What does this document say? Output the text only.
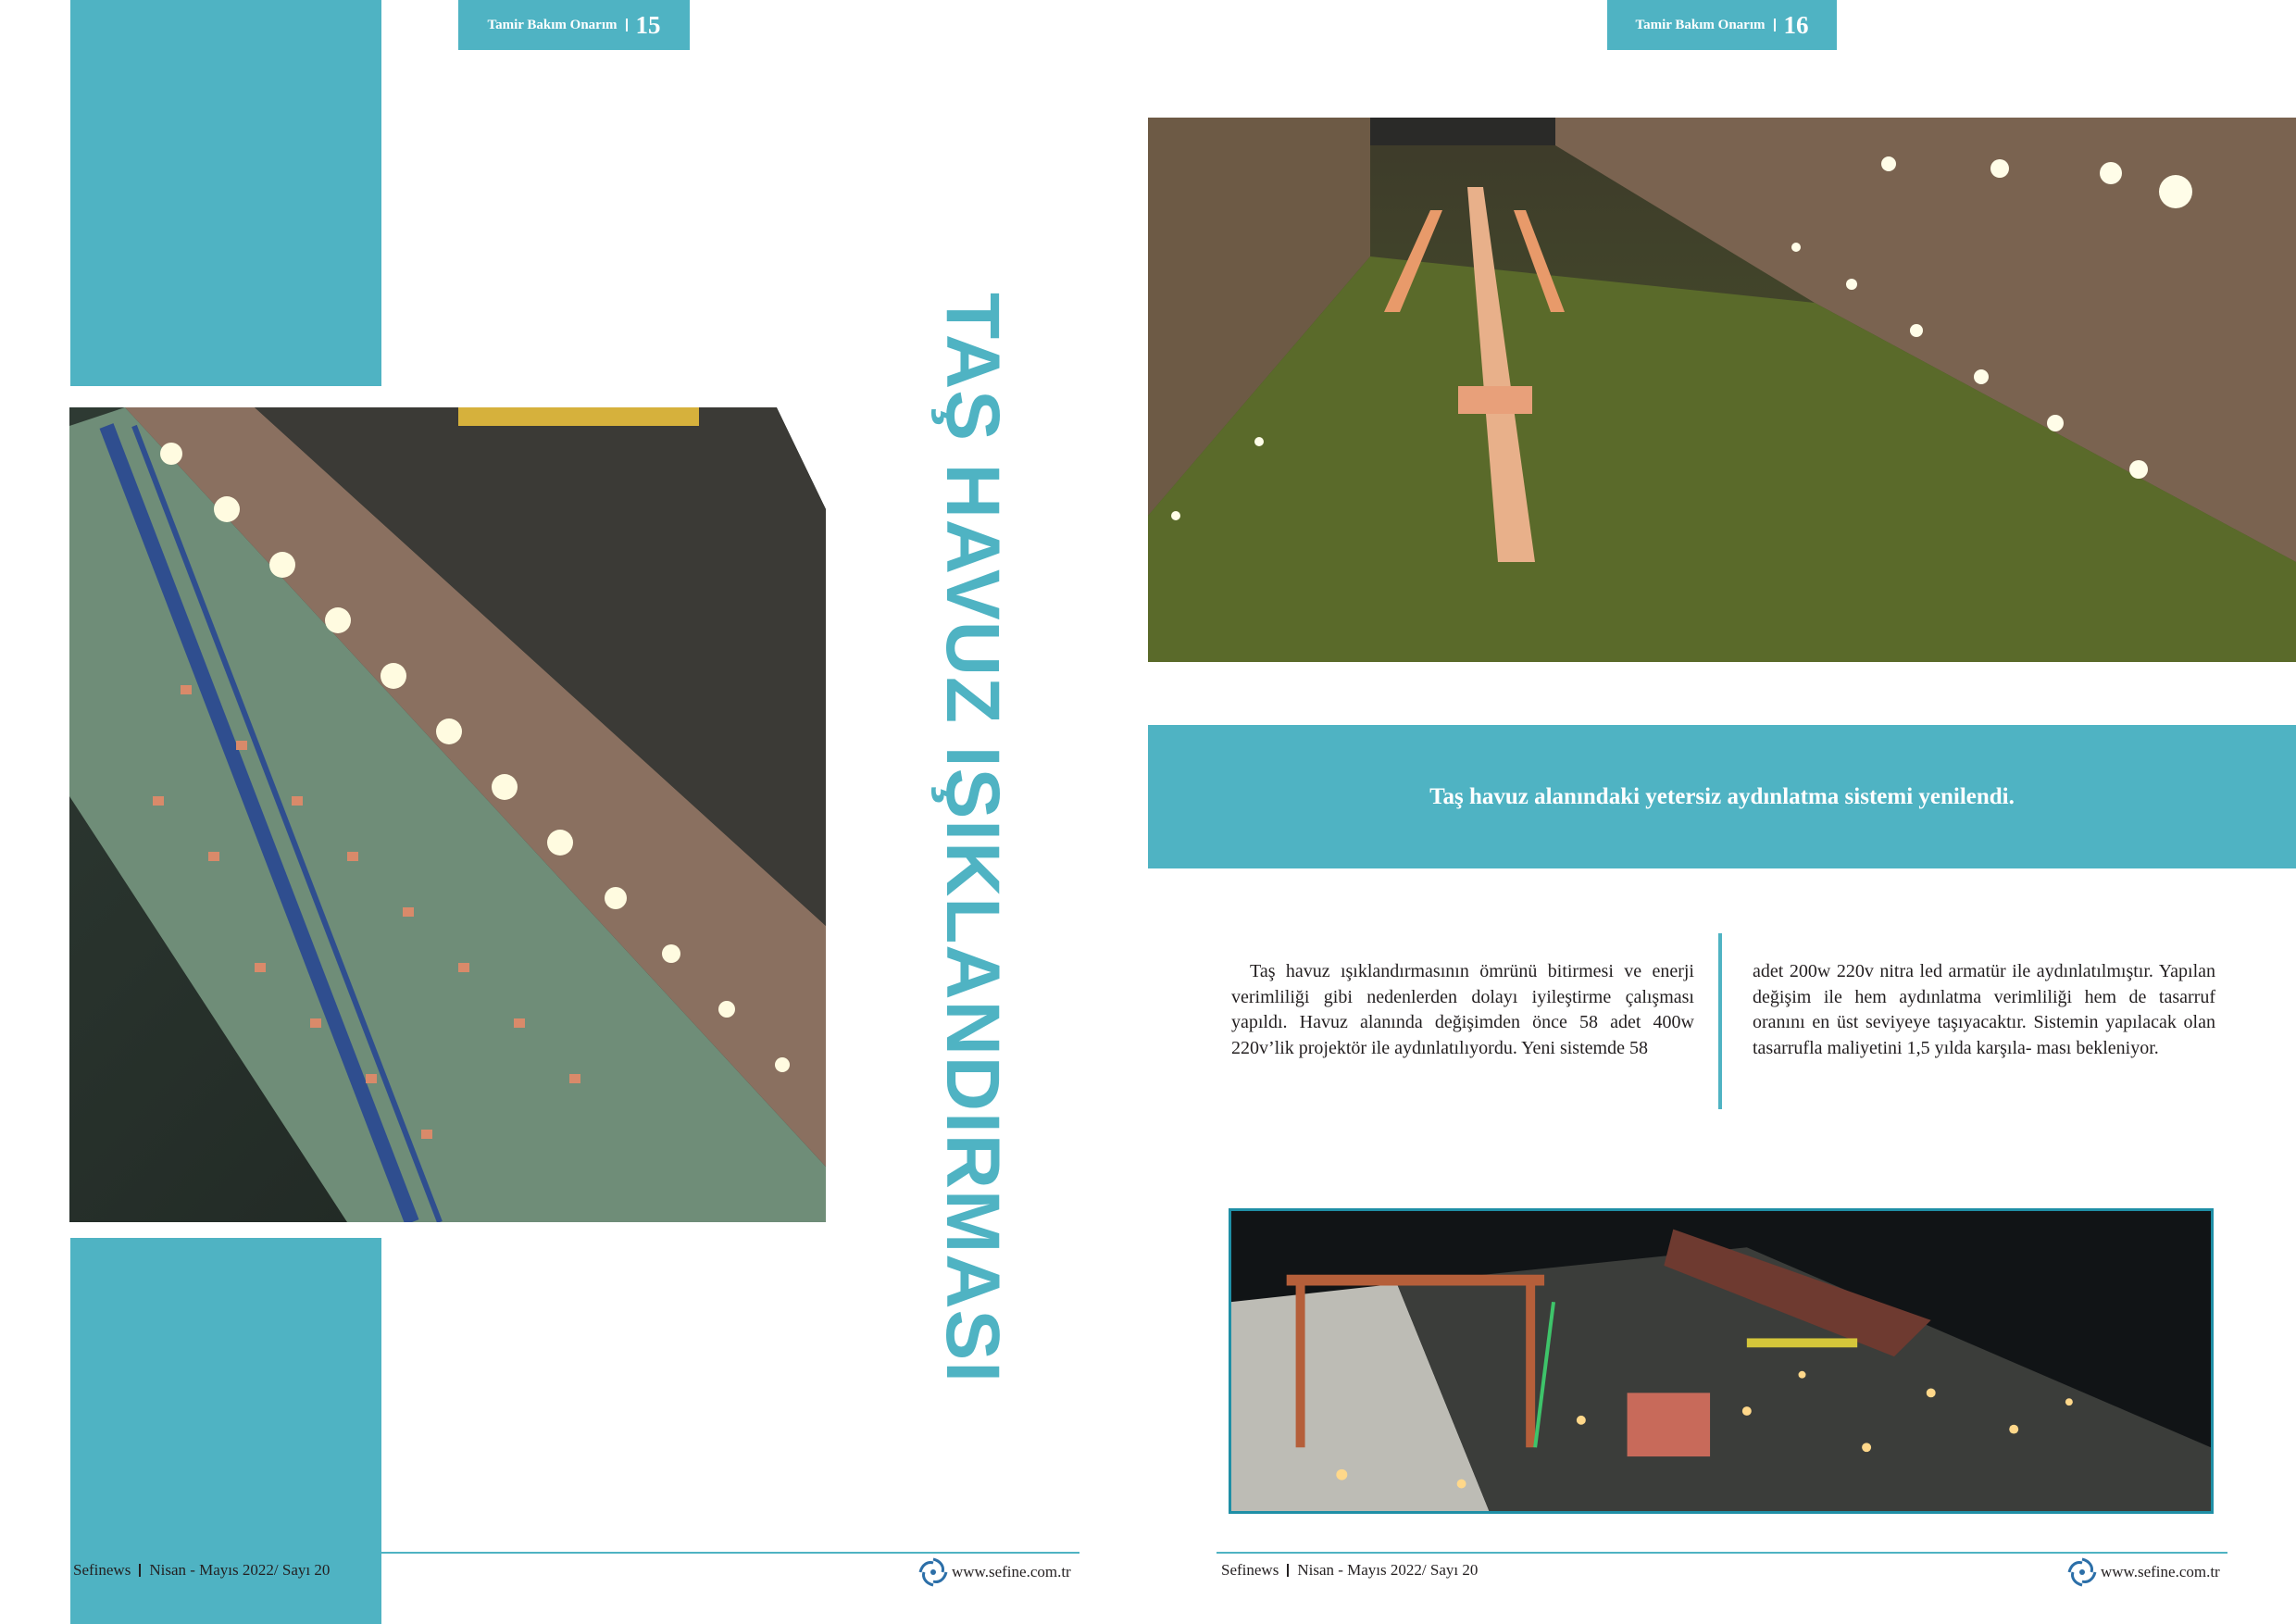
Tamir Bakım Onarım 15
TAŞ HAVUZ IŞIKLANDIRMASI
Sefinews Nisan - Mayıs 2022/ Sayı 20	www.sefine.com.tr
Tamir Bakım Onarım 16
Taş havuz alanındaki yetersiz aydınlatma sistemi yenilendi.
Taş havuz ışıklandırmasının ömrünü bitirmesi ve enerji verimliliği gibi nedenlerden dolayı iyileştirme çalışması yapıldı. Havuz alanında değişimden önce 58 adet 400w 220v’lik projektör ile aydınlatılıyordu. Yeni sistemde 58
adet 200w 220v nitra led armatür ile aydınlatılmıştır. Yapılan değişim ile hem aydınlatma verimliliği hem de tasarruf oranını en üst seviyeye taşıyacaktır. Sistemin yapılacak olan tasarrufla maliyetini 1,5 yılda karşıla- ması bekleniyor.
Sefinews Nisan - Mayıs 2022/ Sayı 20	www.sefine.com.tr
